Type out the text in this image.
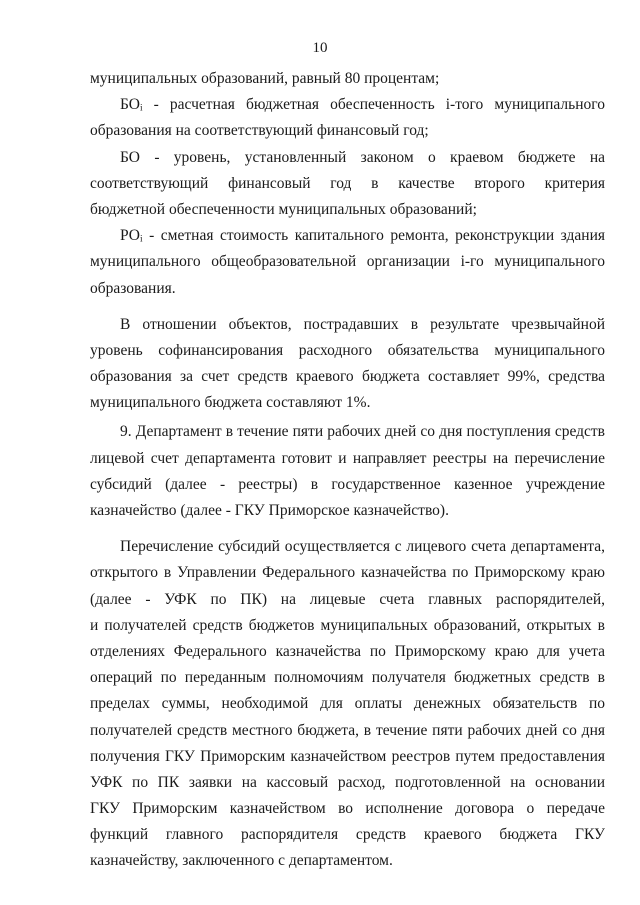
10
муниципальных образований, равный 80 процентам;
БОᵢ - расчетная бюджетная обеспеченность i-того муниципального
образования на соответствующий финансовый год;
БО - уровень, установленный законом о краевом бюджете на
соответствующий финансовый год в качестве второго критерия
бюджетной обеспеченности муниципальных образований;
РОᵢ - сметная стоимость капитального ремонта, реконструкции здания
муниципального общеобразовательной организации i-го муниципального
образования.
В отношении объектов, пострадавших в результате чрезвычайной
уровень софинансирования расходного обязательства муниципального
образования за счет средств краевого бюджета составляет 99%, средства
муниципального бюджета составляют 1%.
9. Департамент в течение пяти рабочих дней со дня поступления средств
лицевой счет департамента готовит и направляет реестры на перечисление
субсидий (далее - реестры) в государственное казенное учреждение
казначейство (далее - ГКУ Приморское казначейство).
Перечисление субсидий осуществляется с лицевого счета департамента,
открытого в Управлении Федерального казначейства по Приморскому краю
(далее - УФК по ПК) на лицевые счета главных распорядителей,
и получателей средств бюджетов муниципальных образований, открытых в
отделениях Федерального казначейства по Приморскому краю для учета
операций по переданным полномочиям получателя бюджетных средств в
пределах суммы, необходимой для оплаты денежных обязательств по
получателей средств местного бюджета, в течение пяти рабочих дней со дня
получения ГКУ Приморским казначейством реестров путем предоставления
УФК по ПК заявки на кассовый расход, подготовленной на основании
ГКУ Приморским казначейством во исполнение договора о передаче
функций главного распорядителя средств краевого бюджета ГКУ
казначейству, заключенного с департаментом.
